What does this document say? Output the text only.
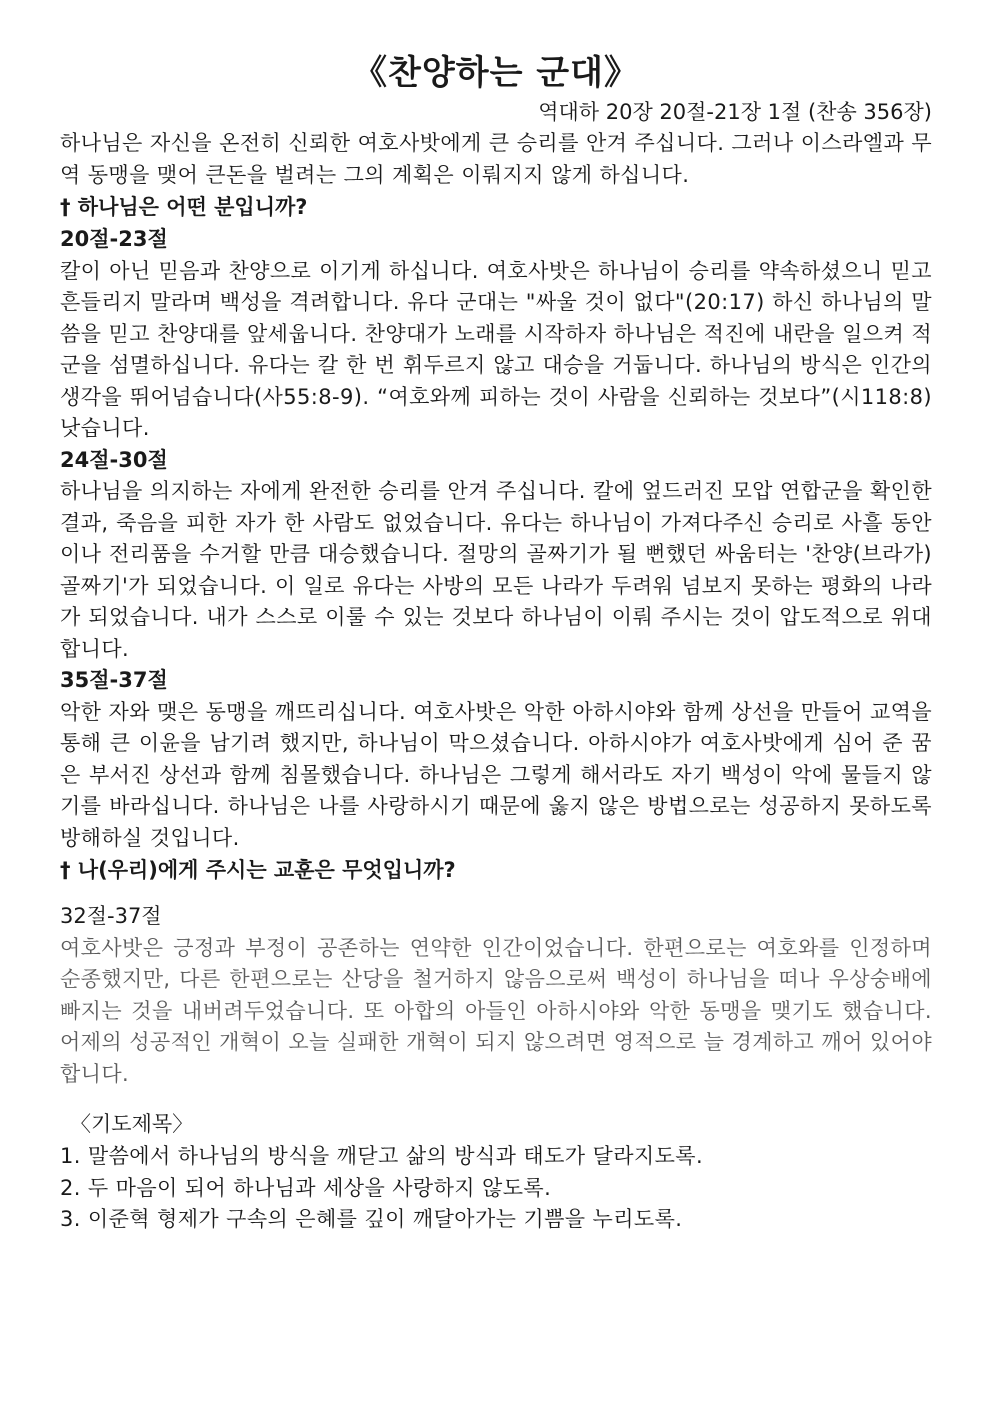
《찬양하는 군대》

역대하 20장 20절-21장 1절 (찬송 356장)

하나님은 자신을 온전히 신뢰한 여호사밧에게 큰 승리를 안겨 주십니다. 그러나 이스라엘과 무역 동맹을 맺어 큰돈을 벌려는 그의 계획은 이뤄지지 않게 하십니다.

† 하나님은 어떤 분입니까?

20절-23절

칼이 아닌 믿음과 찬양으로 이기게 하십니다. 여호사밧은 하나님이 승리를 약속하셨으니 믿고 흔들리지 말라며 백성을 격려합니다. 유다 군대는 "싸울 것이 없다"(20:17) 하신 하나님의 말씀을 믿고 찬양대를 앞세웁니다. 찬양대가 노래를 시작하자 하나님은 적진에 내란을 일으켜 적군을 섬멸하십니다. 유다는 칼 한 번 휘두르지 않고 대승을 거둡니다. 하나님의 방식은 인간의 생각을 뛰어넘습니다(사55:8-9). “여호와께 피하는 것이 사람을 신뢰하는 것보다”(시118:8) 낫습니다.

24절-30절

하나님을 의지하는 자에게 완전한 승리를 안겨 주십니다. 칼에 엎드러진 모압 연합군을 확인한 결과, 죽음을 피한 자가 한 사람도 없었습니다. 유다는 하나님이 가져다주신 승리로 사흘 동안이나 전리품을 수거할 만큼 대승했습니다. 절망의 골짜기가 될 뻔했던 싸움터는 '찬양(브라가) 골짜기'가 되었습니다. 이 일로 유다는 사방의 모든 나라가 두려워 넘보지 못하는 평화의 나라가 되었습니다. 내가 스스로 이룰 수 있는 것보다 하나님이 이뤄 주시는 것이 압도적으로 위대합니다.

35절-37절

악한 자와 맺은 동맹을 깨뜨리십니다. 여호사밧은 악한 아하시야와 함께 상선을 만들어 교역을 통해 큰 이윤을 남기려 했지만, 하나님이 막으셨습니다. 아하시야가 여호사밧에게 심어 준 꿈은 부서진 상선과 함께 침몰했습니다. 하나님은 그렇게 해서라도 자기 백성이 악에 물들지 않기를 바라십니다. 하나님은 나를 사랑하시기 때문에 옳지 않은 방법으로는 성공하지 못하도록 방해하실 것입니다.

† 나(우리)에게 주시는 교훈은 무엇입니까?

32절-37절

여호사밧은 긍정과 부정이 공존하는 연약한 인간이었습니다. 한편으로는 여호와를 인정하며 순종했지만, 다른 한편으로는 산당을 철거하지 않음으로써 백성이 하나님을 떠나 우상숭배에 빠지는 것을 내버려두었습니다. 또 아합의 아들인 아하시야와 악한 동맹을 맺기도 했습니다. 어제의 성공적인 개혁이 오늘 실패한 개혁이 되지 않으려면 영적으로 늘 경계하고 깨어 있어야 합니다.

〈기도제목〉

1. 말씀에서 하나님의 방식을 깨닫고 삶의 방식과 태도가 달라지도록.
2. 두 마음이 되어 하나님과 세상을 사랑하지 않도록.
3. 이준혁 형제가 구속의 은혜를 깊이 깨달아가는 기쁨을 누리도록.
